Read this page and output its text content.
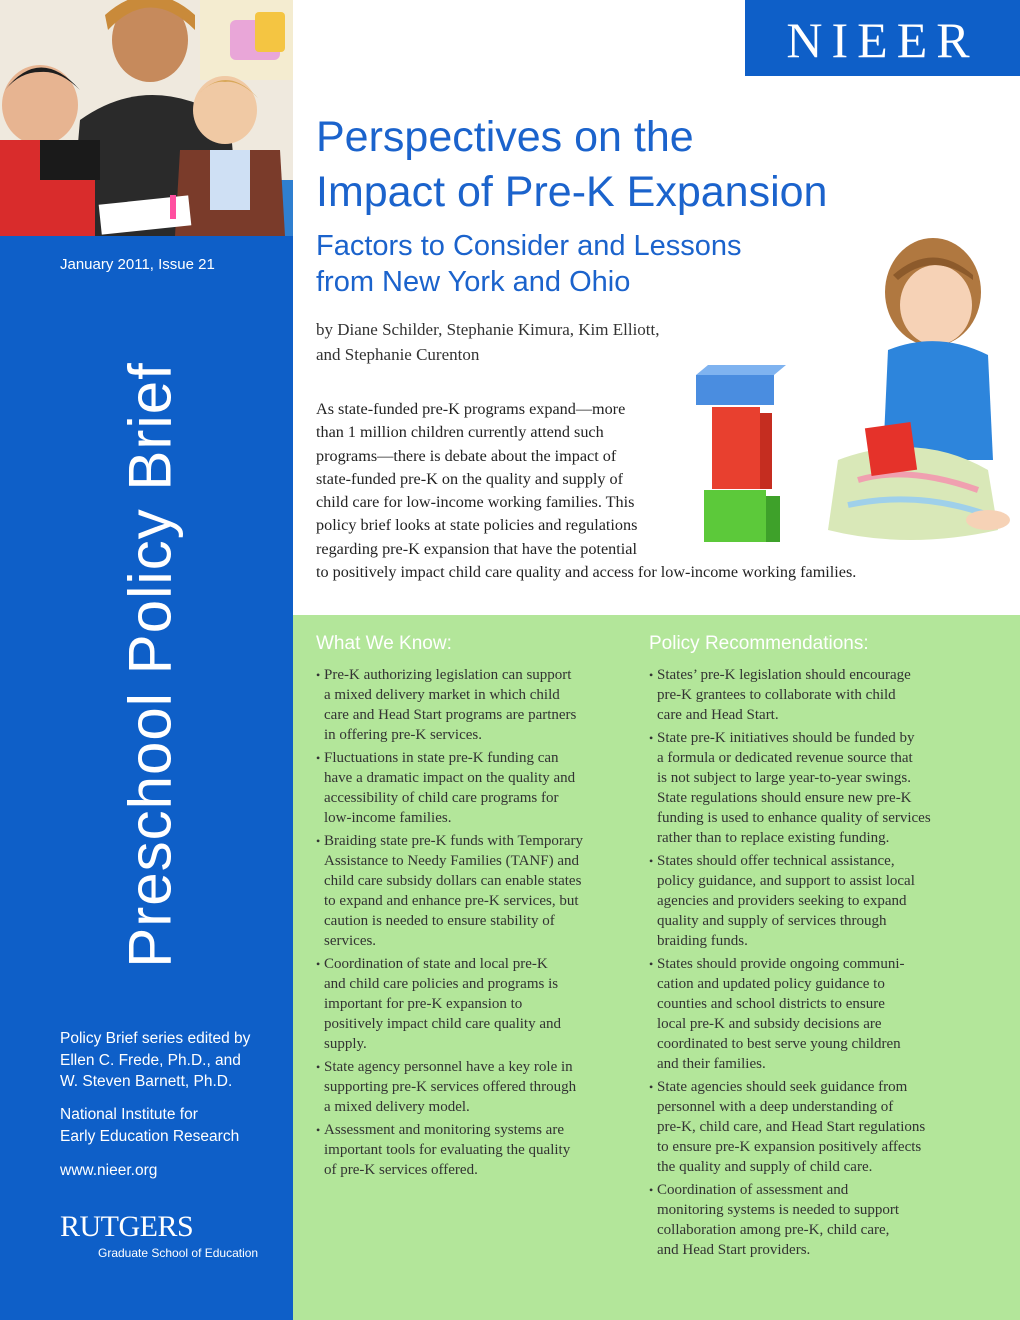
January 2011, Issue 21
Preschool Policy Brief
Policy Brief series edited by
Ellen C. Frede, Ph.D., and
W. Steven Barnett, Ph.D.
National Institute for
Early Education Research
www.nieer.org
RUTGERS
Graduate School of Education
NIEER
Perspectives on the
Impact of Pre-K Expansion
Factors to Consider and Lessons
from New York and Ohio
by Diane Schilder, Stephanie Kimura, Kim Elliott,
and Stephanie Curenton
As state-funded pre-K programs expand—more
than 1 million children currently attend such
programs—there is debate about the impact of
state-funded pre-K on the quality and supply of
child care for low-income working families. This
policy brief looks at state policies and regulations
regarding pre-K expansion that have the potential
to positively impact child care quality and access for low-income working families.
What We Know:
• Pre-K authorizing legislation can support
a mixed delivery market in which child
care and Head Start programs are partners
in offering pre-K services.
• Fluctuations in state pre-K funding can
have a dramatic impact on the quality and
accessibility of child care programs for
low-income families.
• Braiding state pre-K funds with Temporary
Assistance to Needy Families (TANF) and
child care subsidy dollars can enable states
to expand and enhance pre-K services, but
caution is needed to ensure stability of
services.
• Coordination of state and local pre-K
and child care policies and programs is
important for pre-K expansion to
positively impact child care quality and
supply.
• State agency personnel have a key role in
supporting pre-K services offered through
a mixed delivery model.
• Assessment and monitoring systems are
important tools for evaluating the quality
of pre-K services offered.
Policy Recommendations:
• States’ pre-K legislation should encourage
pre-K grantees to collaborate with child
care and Head Start.
• State pre-K initiatives should be funded by
a formula or dedicated revenue source that
is not subject to large year-to-year swings.
State regulations should ensure new pre-K
funding is used to enhance quality of services
rather than to replace existing funding.
• States should offer technical assistance,
policy guidance, and support to assist local
agencies and providers seeking to expand
quality and supply of services through
braiding funds.
• States should provide ongoing communi-
cation and updated policy guidance to
counties and school districts to ensure
local pre-K and subsidy decisions are
coordinated to best serve young children
and their families.
• State agencies should seek guidance from
personnel with a deep understanding of
pre-K, child care, and Head Start regulations
to ensure pre-K expansion positively affects
the quality and supply of child care.
• Coordination of assessment and
monitoring systems is needed to support
collaboration among pre-K, child care,
and Head Start providers.
